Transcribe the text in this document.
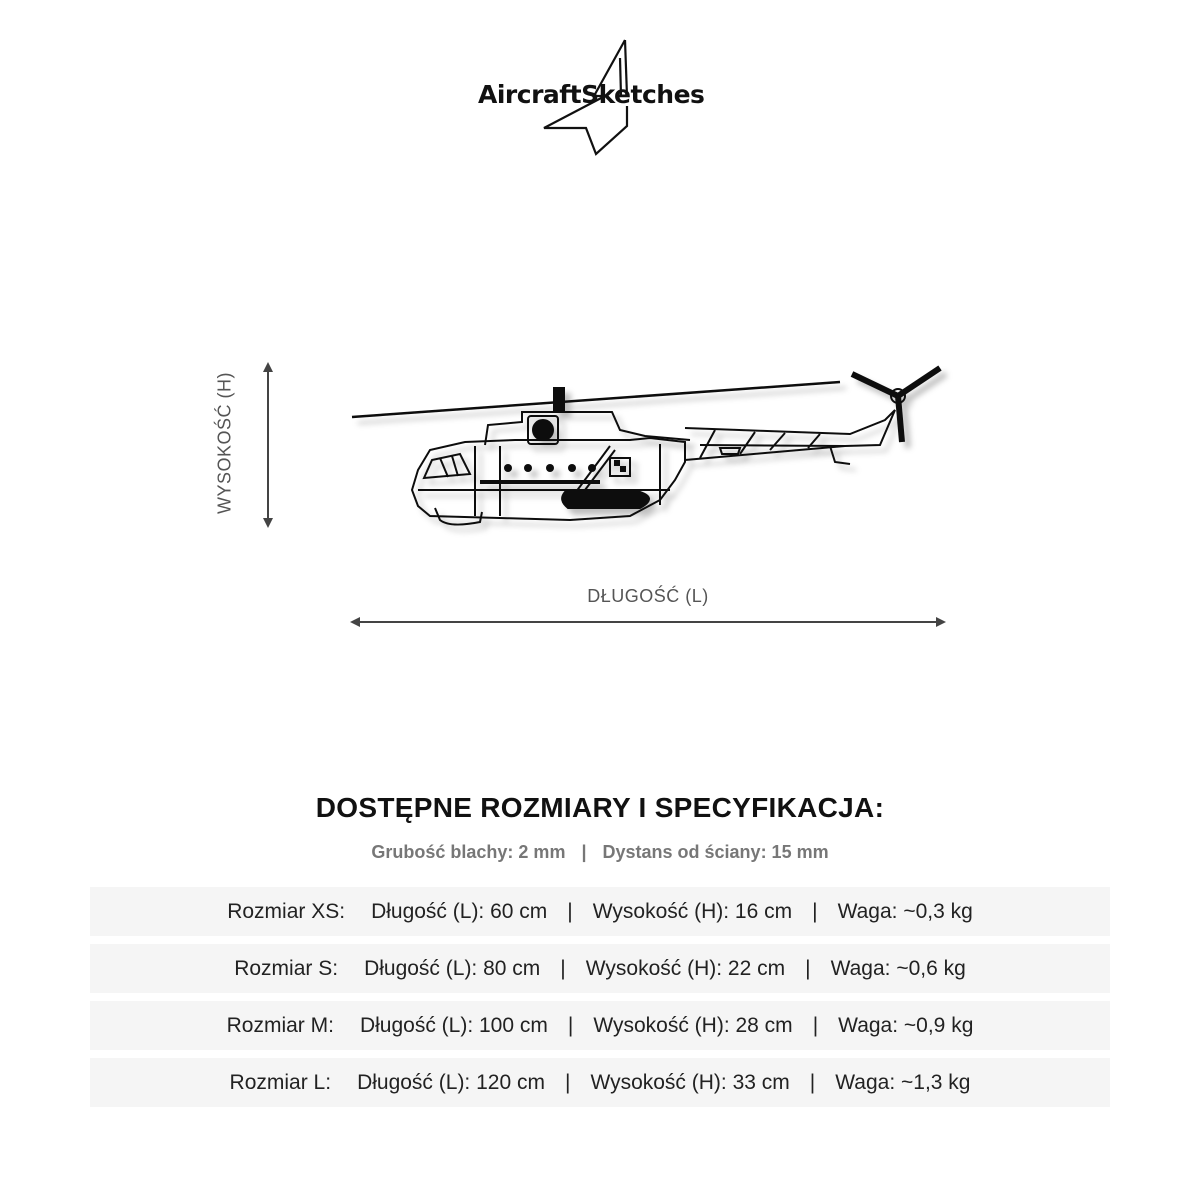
AircraftSketches
WYSOKOŚĆ (H)
DŁUGOŚĆ (L)
DOSTĘPNE ROZMIARY I SPECYFIKACJA:
Grubość blachy: 2 mm | Dystans od ściany: 15 mm
Rozmiar XS: Długość (L): 60 cm | Wysokość (H): 16 cm | Waga: ~0,3 kg
Rozmiar S: Długość (L): 80 cm | Wysokość (H): 22 cm | Waga: ~0,6 kg
Rozmiar M: Długość (L): 100 cm | Wysokość (H): 28 cm | Waga: ~0,9 kg
Rozmiar L: Długość (L): 120 cm | Wysokość (H): 33 cm | Waga: ~1,3 kg
